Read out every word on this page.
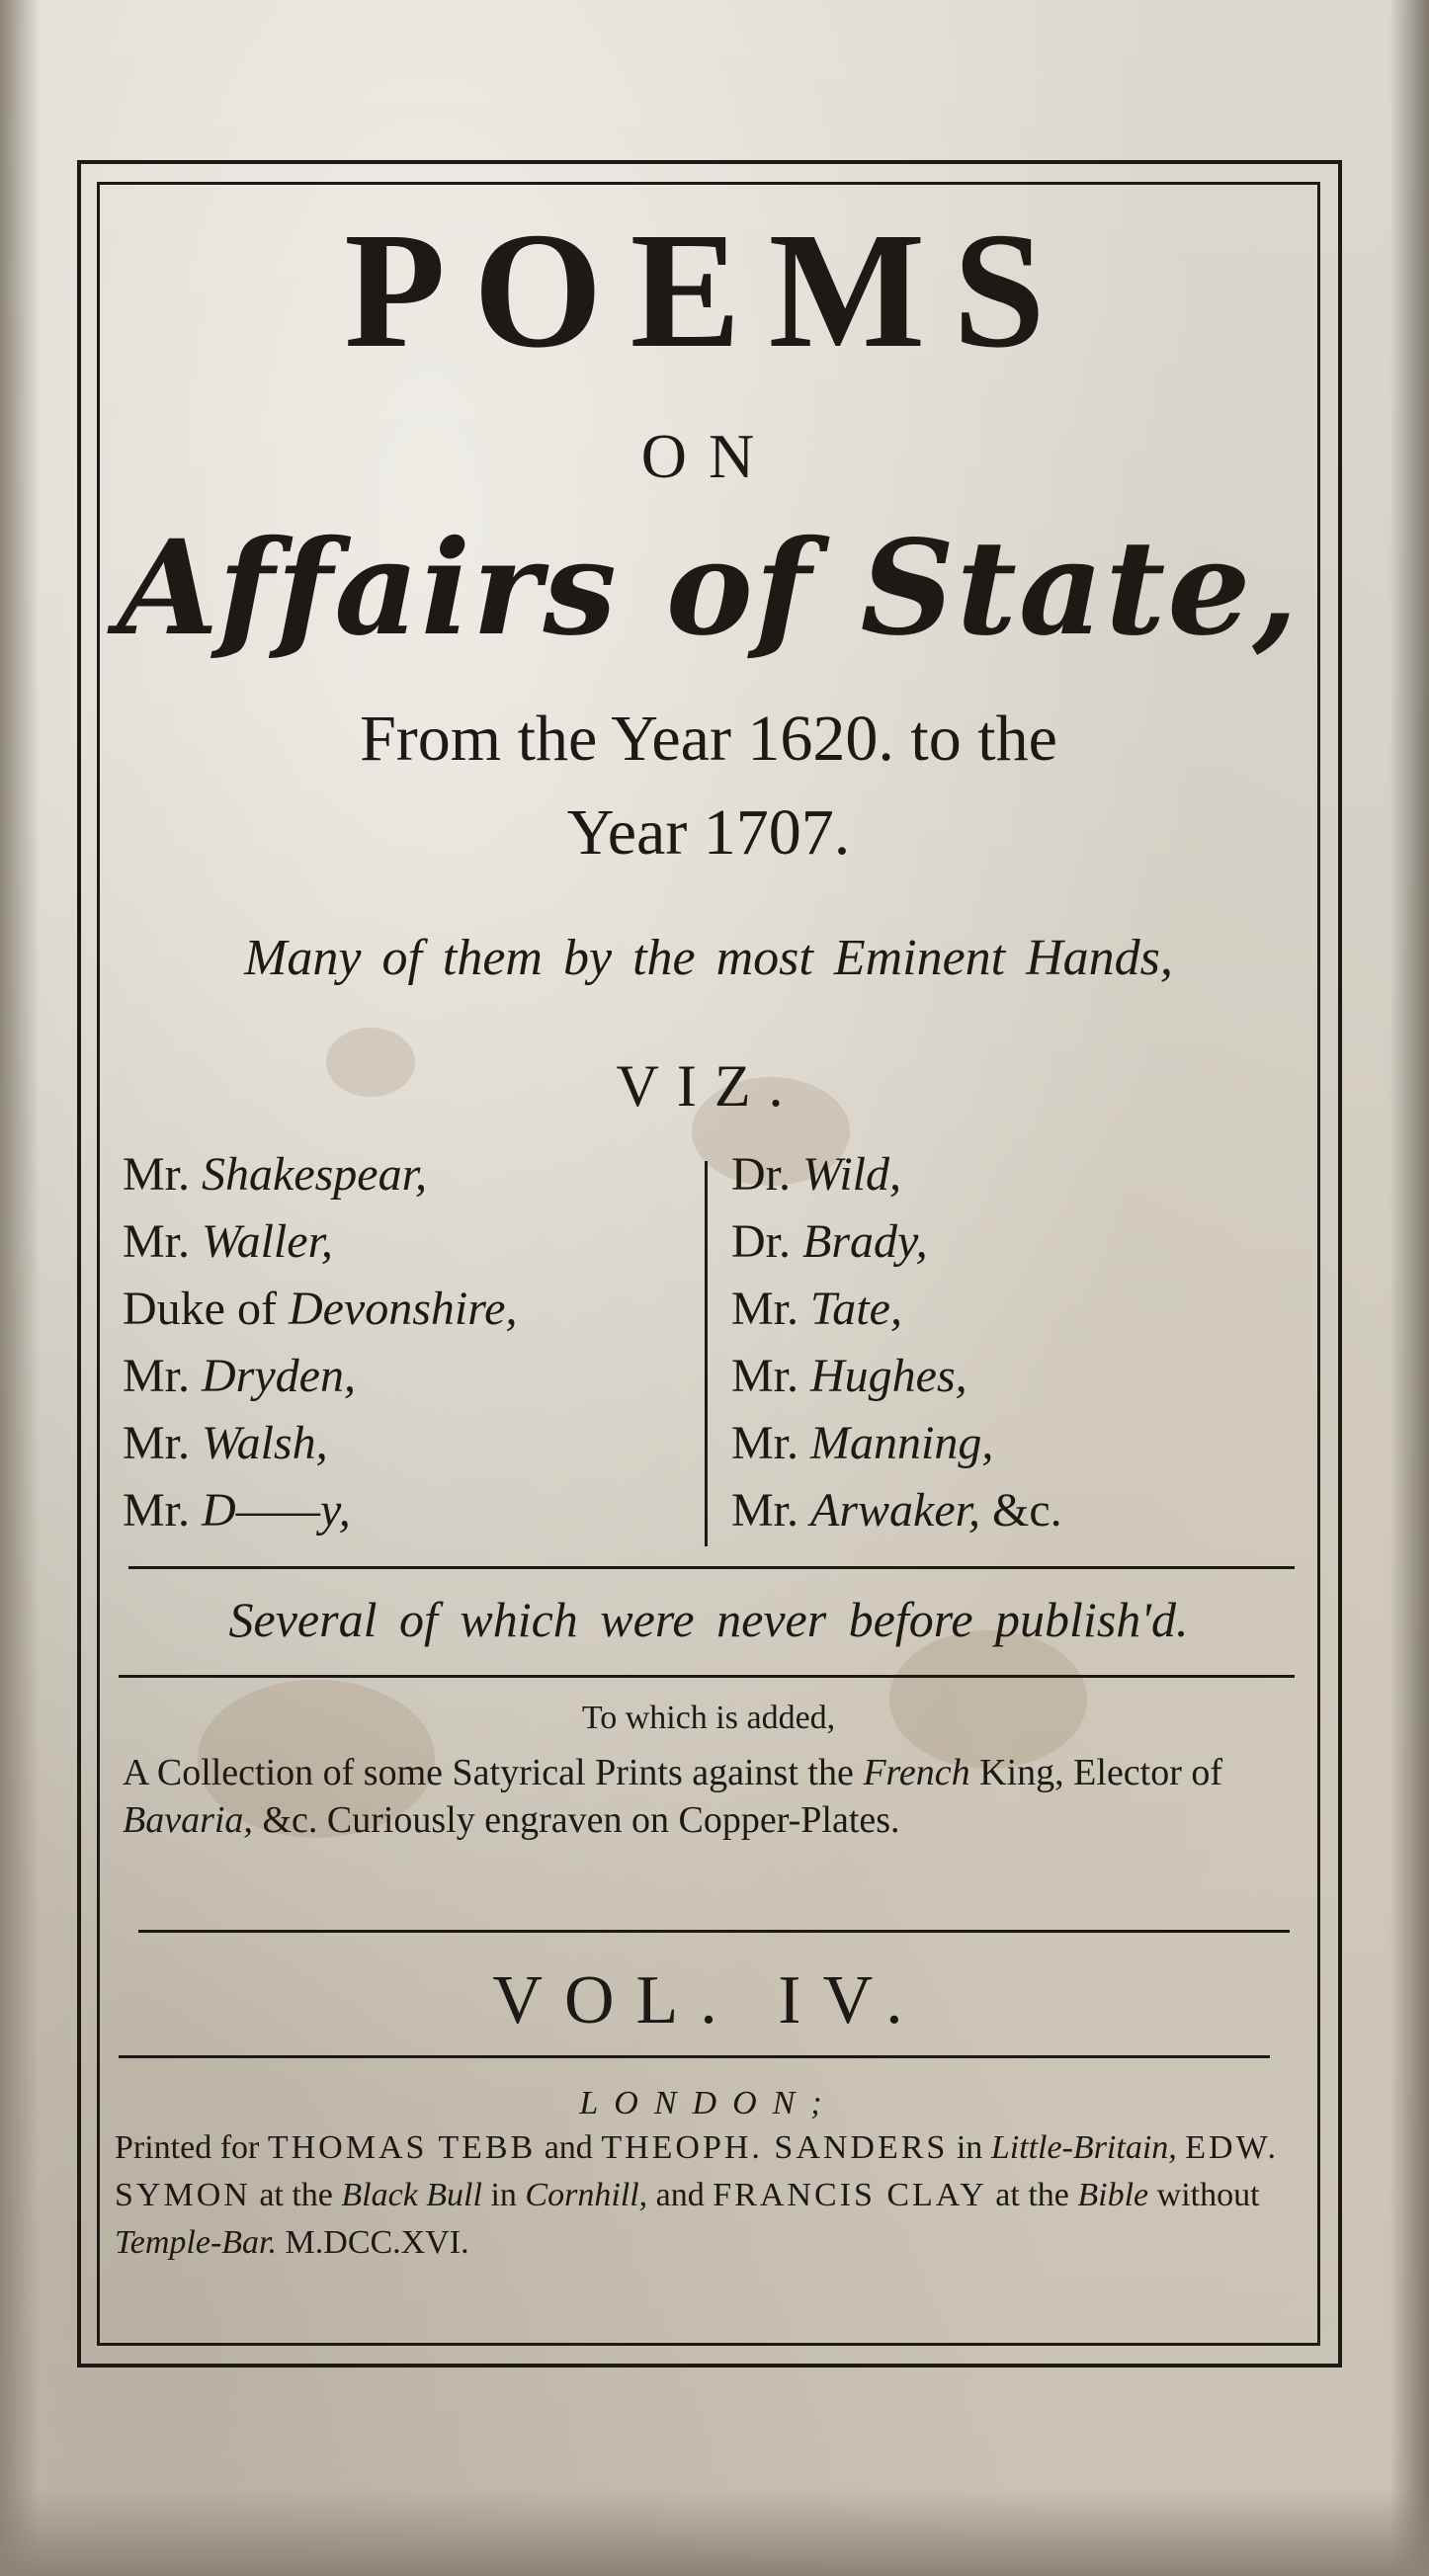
POEMS
ON
Affairs of State,
From the Year 1620. to the
Year 1707.
Many of them by the most Eminent Hands,
VIZ.
Mr. Shakespear,
Mr. Waller,
Duke of Devonshire,
Mr. Dryden,
Mr. Walsh,
Mr. D——y,
Dr. Wild,
Dr. Brady,
Mr. Tate,
Mr. Hughes,
Mr. Manning,
Mr. Arwaker, &c.
Several of which were never before publish'd.
To which is added,
A Collection of some Satyrical Prints against the French King, Elector of Bavaria, &c. Curiously engraven on Copper-Plates.
VOL. IV.
LONDON;
Printed for THOMAS TEBB and THEOPH. SANDERS in Little-Britain, EDW. SYMON at the Black Bull in Cornhill, and FRANCIS CLAY at the Bible without Temple-Bar. M.DCC.XVI.
